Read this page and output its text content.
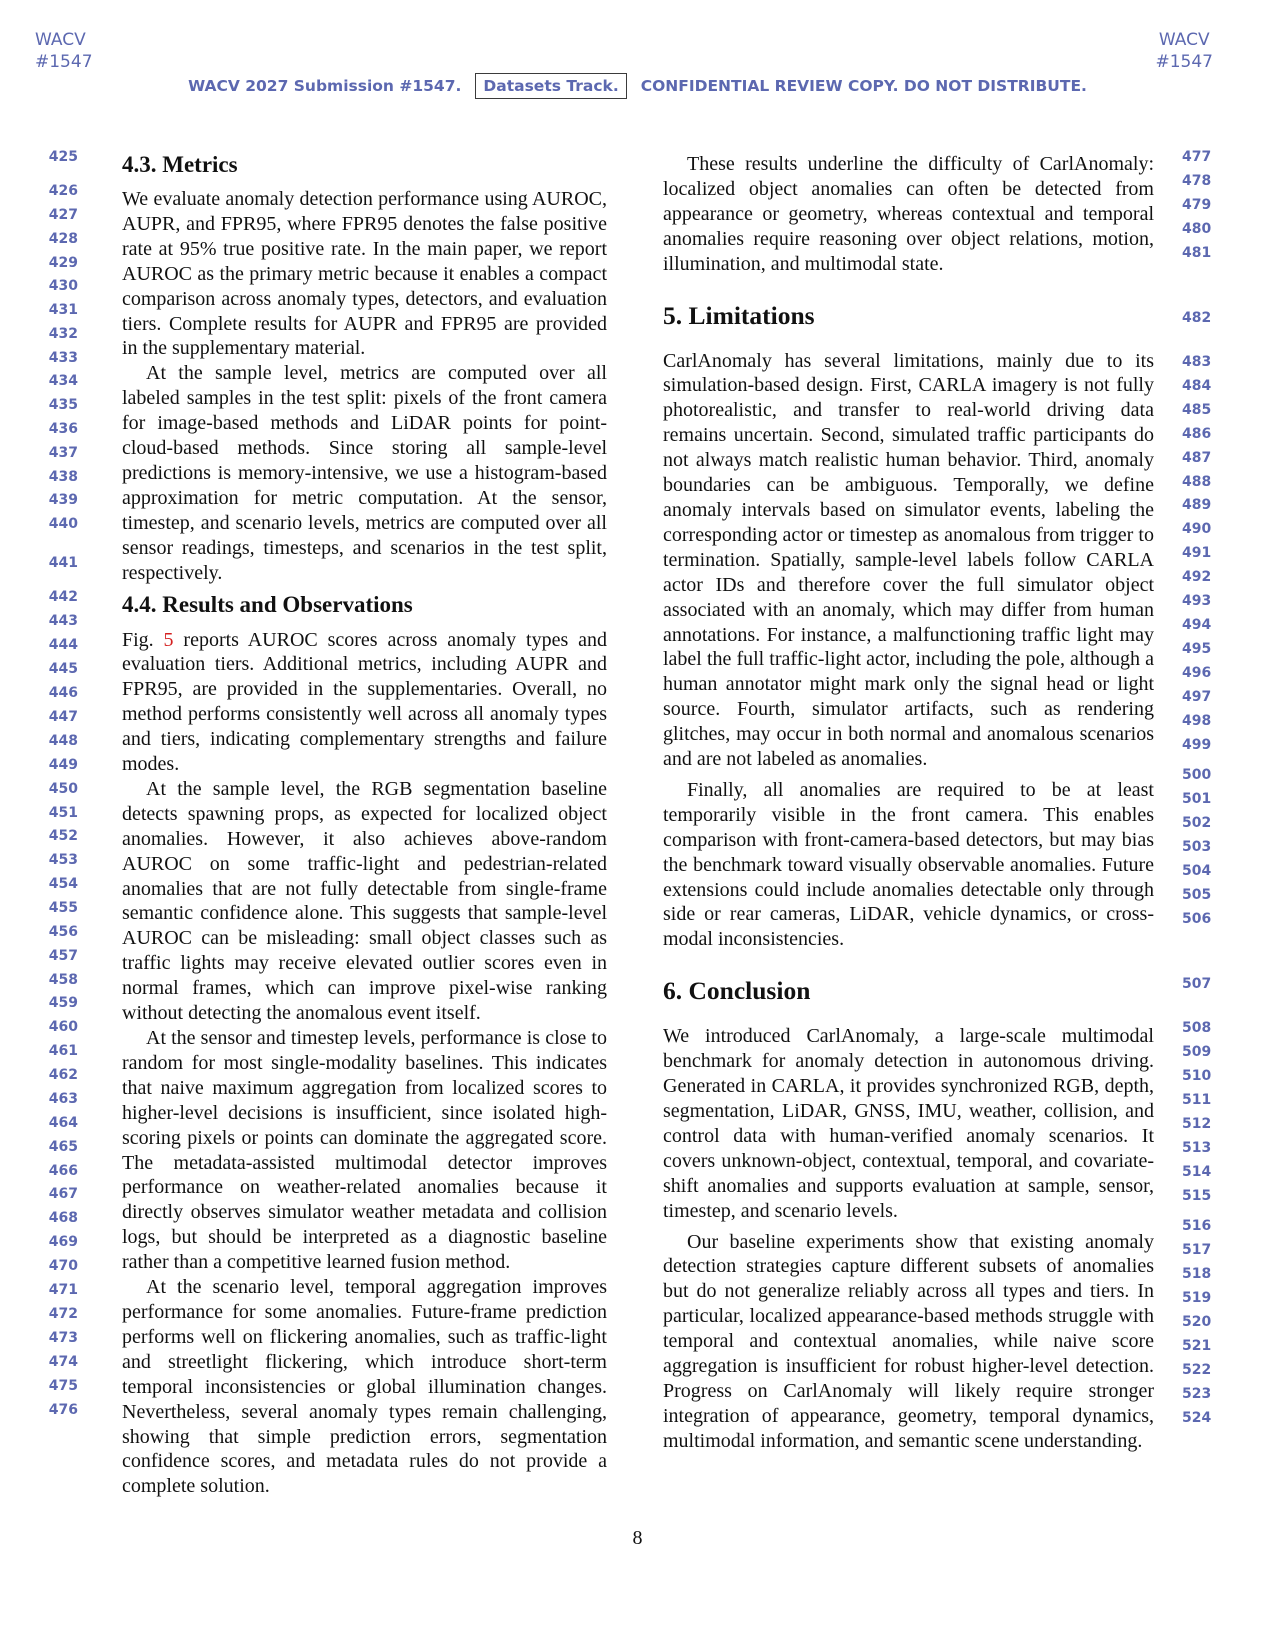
WACV
#1547
WACV
#1547
WACV 2027 Submission #1547.	Datasets Track.	CONFIDENTIAL REVIEW COPY. DO NOT DISTRIBUTE.
425
426
427
428
429
430
431
432
433
434
435
436
437
438
439
440
441
442
443
444
445
446
447
448
449
450
451
452
453
454
455
456
457
458
459
460
461
462
463
464
465
466
467
468
469
470
471
472
473
474
475
476
477
478
479
480
481
482
483
484
485
486
487
488
489
490
491
492
493
494
495
496
497
498
499
500
501
502
503
504
505
506
507
508
509
510
511
512
513
514
515
516
517
518
519
520
521
522
523
524
4.3. Metrics

We evaluate anomaly detection performance using AUROC, AUPR, and FPR95, where FPR95 denotes the false positive rate at 95% true positive rate. In the main paper, we report AUROC as the primary metric because it enables a compact comparison across anomaly types, detectors, and evaluation tiers. Complete results for AUPR and FPR95 are provided in the supplementary material.

At the sample level, metrics are computed over all labeled samples in the test split: pixels of the front camera for image-based methods and LiDAR points for point-cloud-based methods. Since storing all sample-level predictions is memory-intensive, we use a histogram-based approximation for metric computation. At the sensor, timestep, and scenario levels, metrics are computed over all sensor readings, timesteps, and scenarios in the test split, respectively.

4.4. Results and Observations

Fig. 5 reports AUROC scores across anomaly types and evaluation tiers. Additional metrics, including AUPR and FPR95, are provided in the supplementaries. Overall, no method performs consistently well across all anomaly types and tiers, indicating complementary strengths and failure modes.

At the sample level, the RGB segmentation baseline detects spawning props, as expected for localized object anomalies. However, it also achieves above-random AUROC on some traffic-light and pedestrian-related anomalies that are not fully detectable from single-frame semantic confidence alone. This suggests that sample-level AUROC can be misleading: small object classes such as traffic lights may receive elevated outlier scores even in normal frames, which can improve pixel-wise ranking without detecting the anomalous event itself.

At the sensor and timestep levels, performance is close to random for most single-modality baselines. This indicates that naive maximum aggregation from localized scores to higher-level decisions is insufficient, since isolated high-scoring pixels or points can dominate the aggregated score. The metadata-assisted multimodal detector improves performance on weather-related anomalies because it directly observes simulator weather metadata and collision logs, but should be interpreted as a diagnostic baseline rather than a competitive learned fusion method.

At the scenario level, temporal aggregation improves performance for some anomalies. Future-frame prediction performs well on flickering anomalies, such as traffic-light and streetlight flickering, which introduce short-term temporal inconsistencies or global illumination changes. Nevertheless, several anomaly types remain challenging, showing that simple prediction errors, segmentation confidence scores, and metadata rules do not provide a complete solution.

These results underline the difficulty of CarlAnomaly: localized object anomalies can often be detected from appearance or geometry, whereas contextual and temporal anomalies require reasoning over object relations, motion, illumination, and multimodal state.

5. Limitations

CarlAnomaly has several limitations, mainly due to its simulation-based design. First, CARLA imagery is not fully photorealistic, and transfer to real-world driving data remains uncertain. Second, simulated traffic participants do not always match realistic human behavior. Third, anomaly boundaries can be ambiguous. Temporally, we define anomaly intervals based on simulator events, labeling the corresponding actor or timestep as anomalous from trigger to termination. Spatially, sample-level labels follow CARLA actor IDs and therefore cover the full simulator object associated with an anomaly, which may differ from human annotations. For instance, a malfunctioning traffic light may label the full traffic-light actor, including the pole, although a human annotator might mark only the signal head or light source. Fourth, simulator artifacts, such as rendering glitches, may occur in both normal and anomalous scenarios and are not labeled as anomalies.

Finally, all anomalies are required to be at least temporarily visible in the front camera. This enables comparison with front-camera-based detectors, but may bias the benchmark toward visually observable anomalies. Future extensions could include anomalies detectable only through side or rear cameras, LiDAR, vehicle dynamics, or cross-modal inconsistencies.

6. Conclusion

We introduced CarlAnomaly, a large-scale multimodal benchmark for anomaly detection in autonomous driving. Generated in CARLA, it provides synchronized RGB, depth, segmentation, LiDAR, GNSS, IMU, weather, collision, and control data with human-verified anomaly scenarios. It covers unknown-object, contextual, temporal, and covariate-shift anomalies and supports evaluation at sample, sensor, timestep, and scenario levels.

Our baseline experiments show that existing anomaly detection strategies capture different subsets of anomalies but do not generalize reliably across all types and tiers. In particular, localized appearance-based methods struggle with temporal and contextual anomalies, while naive score aggregation is insufficient for robust higher-level detection. Progress on CarlAnomaly will likely require stronger integration of appearance, geometry, temporal dynamics, multimodal information, and semantic scene understanding.

8
